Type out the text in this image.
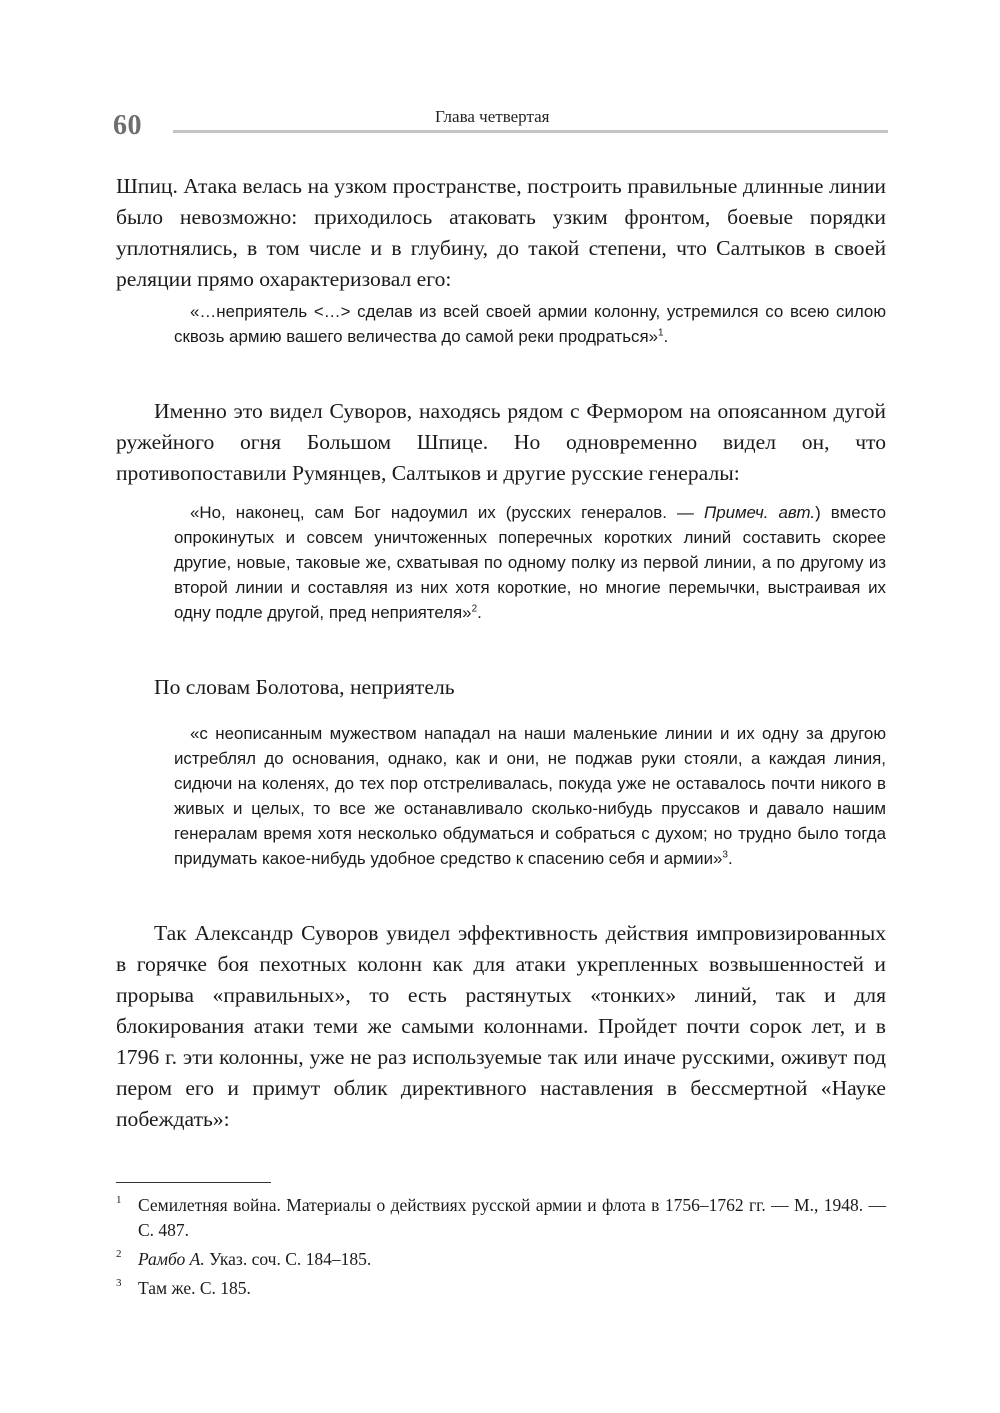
60	Глава четвертая

Шпиц. Атака велась на узком пространстве, построить правильные длинные линии было невозможно: приходилось атаковать узким фронтом, боевые порядки уплотнялись, в том числе и в глубину, до такой степени, что Салтыков в своей реляции прямо охарактеризовал его:

«…неприятель <…> сделав из всей своей армии колонну, устремился со всею силою сквозь армию вашего величества до самой реки продраться»$^1$.

Именно это видел Суворов, находясь рядом с Фермором на опоясанном дугой ружейного огня Большом Шпице. Но одновременно видел он, что противопоставили Румянцев, Салтыков и другие русские генералы:

«Но, наконец, сам Бог надоумил их (русских генералов. — Примеч. авт.) вместо опрокинутых и совсем уничтоженных поперечных коротких линий составить скорее другие, новые, таковые же, схватывая по одному полку из первой линии, а по другому из второй линии и составляя из них хотя короткие, но многие перемычки, выстраивая их одну подле другой, пред неприятеля»$^2$.

По словам Болотова, неприятель

«с неописанным мужеством нападал на наши маленькие линии и их одну за другою истреблял до основания, однако, как и они, не поджав руки стояли, а каждая линия, сидючи на коленях, до тех пор отстреливалась, покуда уже не оставалось почти никого в живых и целых, то все же останавливало сколько-нибудь пруссаков и давало нашим генералам время хотя несколько обдуматься и собраться с духом; но трудно было тогда придумать какое-нибудь удобное средство к спасению себя и армии»$^3$.

Так Александр Суворов увидел эффективность действия импровизированных в горячке боя пехотных колонн как для атаки укрепленных возвышенностей и прорыва «правильных», то есть растянутых «тонких» линий, так и для блокирования атаки теми же самыми колоннами. Пройдет почти сорок лет, и в 1796 г. эти колонны, уже не раз используемые так или иначе русскими, оживут под пером его и примут облик директивного наставления в бессмертной «Науке побеждать»:

1 Семилетняя война. Материалы о действиях русской армии и флота в 1756–1762 гг. — М., 1948. — С. 487.

2 Рамбо А. Указ. соч. С. 184–185.

3 Там же. С. 185.
